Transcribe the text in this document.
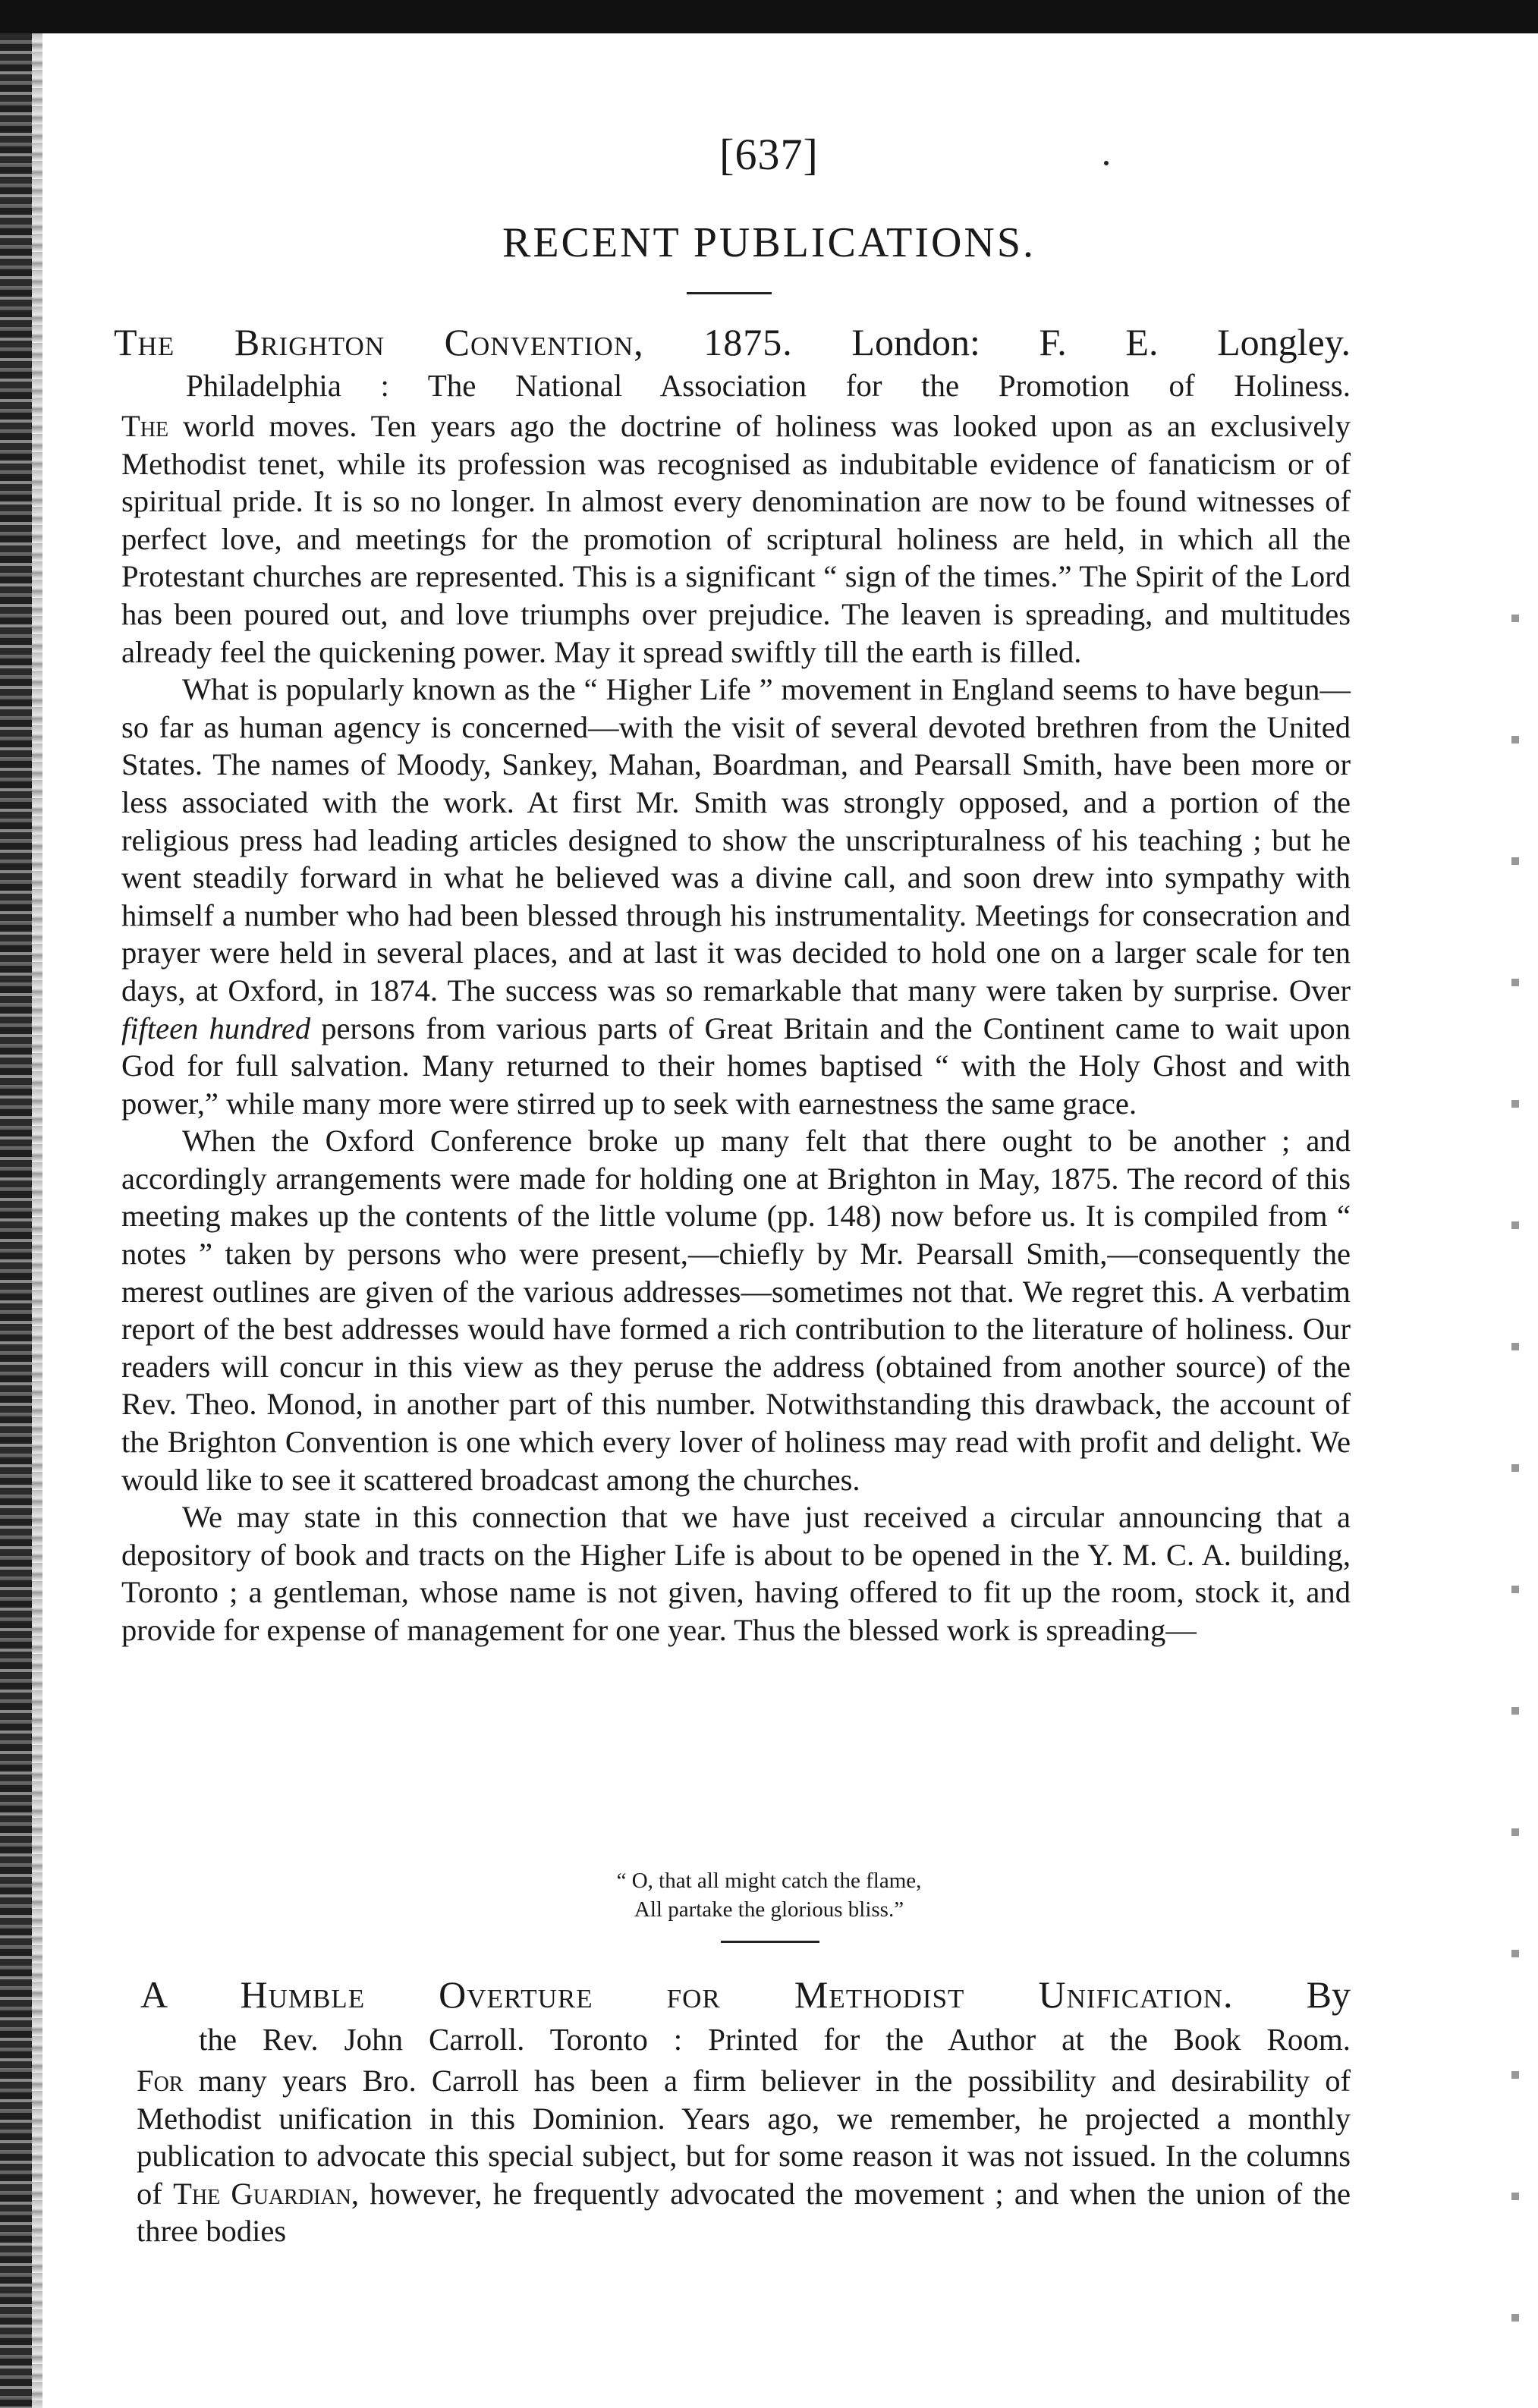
[637]
RECENT PUBLICATIONS.
The Brighton Convention, 1875. London: F. E. Longley.
Philadelphia : The National Association for the Promotion of Holiness.

The world moves. Ten years ago the doctrine of holiness was looked upon as an exclusively Methodist tenet, while its profession was recognised as indubitable evidence of fanaticism or of spiritual pride. It is so no longer. In almost every denomination are now to be found witnesses of perfect love, and meetings for the promotion of scriptural holiness are held, in which all the Protestant churches are represented. This is a significant “ sign of the times.” The Spirit of the Lord has been poured out, and love triumphs over prejudice. The leaven is spreading, and multitudes already feel the quickening power. May it spread swiftly till the earth is filled.

What is popularly known as the “ Higher Life ” movement in England seems to have begun—so far as human agency is concerned—with the visit of several devoted brethren from the United States. The names of Moody, Sankey, Mahan, Boardman, and Pearsall Smith, have been more or less associated with the work. At first Mr. Smith was strongly opposed, and a portion of the religious press had leading articles designed to show the unscripturalness of his teaching ; but he went steadily forward in what he believed was a divine call, and soon drew into sympathy with himself a number who had been blessed through his instrumentality. Meetings for consecration and prayer were held in several places, and at last it was decided to hold one on a larger scale for ten days, at Oxford, in 1874. The success was so remarkable that many were taken by surprise. Over fifteen hundred persons from various parts of Great Britain and the Continent came to wait upon God for full salvation. Many returned to their homes baptised “ with the Holy Ghost and with power,” while many more were stirred up to seek with earnestness the same grace.

When the Oxford Conference broke up many felt that there ought to be another ; and accordingly arrangements were made for holding one at Brighton in May, 1875. The record of this meeting makes up the contents of the little volume (pp. 148) now before us. It is compiled from “ notes ” taken by persons who were present,—chiefly by Mr. Pearsall Smith,—consequently the merest outlines are given of the various addresses—sometimes not that. We regret this. A verbatim report of the best addresses would have formed a rich contribution to the literature of holiness. Our readers will concur in this view as they peruse the address (obtained from another source) of the Rev. Theo. Monod, in another part of this number. Notwithstanding this drawback, the account of the Brighton Convention is one which every lover of holiness may read with profit and delight. We would like to see it scattered broadcast among the churches.

We may state in this connection that we have just received a circular announcing that a depository of book and tracts on the Higher Life is about to be opened in the Y. M. C. A. building, Toronto ; a gentleman, whose name is not given, having offered to fit up the room, stock it, and provide for expense of management for one year. Thus the blessed work is spreading—

“ O, that all might catch the flame,
All partake the glorious bliss.”
A Humble Overture for Methodist Unification. By
the Rev. John Carroll. Toronto : Printed for the Author at the Book Room.

For many years Bro. Carroll has been a firm believer in the possibility and desirability of Methodist unification in this Dominion. Years ago, we remember, he projected a monthly publication to advocate this special subject, but for some reason it was not issued. In the columns of The Guardian, however, he frequently advocated the movement ; and when the union of the three bodies
